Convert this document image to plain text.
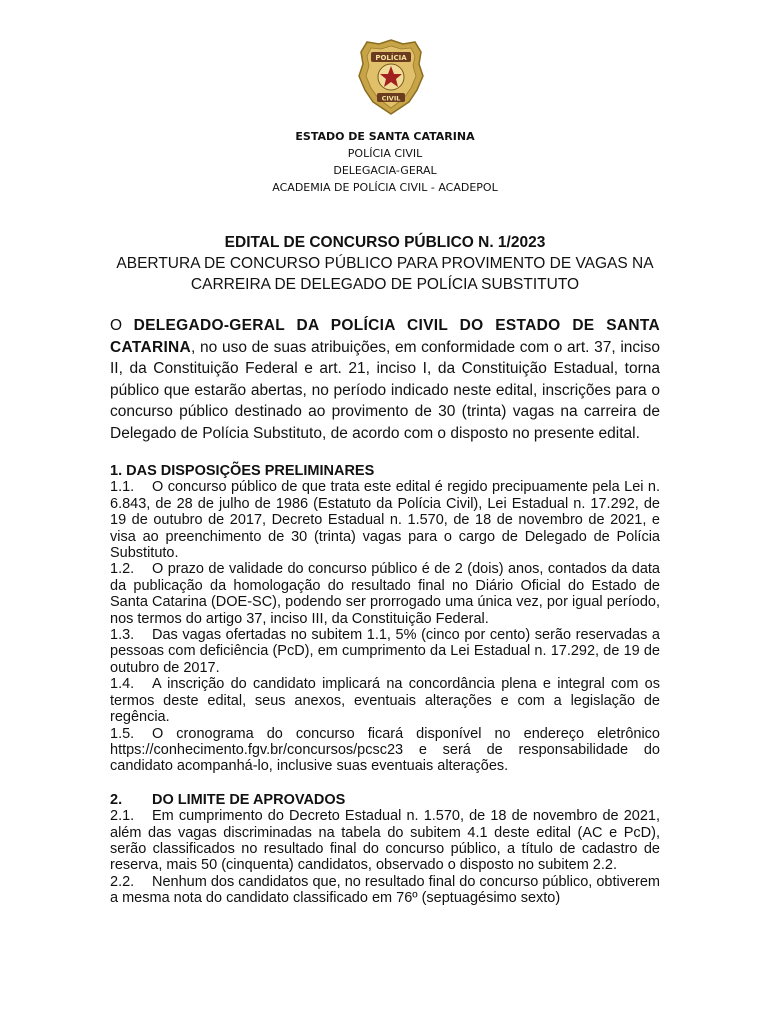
POLÍCIA
CIVIL
ESTADO DE SANTA CATARINA
POLÍCIA CIVIL
DELEGACIA-GERAL
ACADEMIA DE POLÍCIA CIVIL - ACADEPOL
EDITAL DE CONCURSO PÚBLICO N. 1/2023
ABERTURA DE CONCURSO PÚBLICO PARA PROVIMENTO DE VAGAS NA
CARREIRA DE DELEGADO DE POLÍCIA SUBSTITUTO

O DELEGADO-GERAL DA POLÍCIA CIVIL DO ESTADO DE SANTA CATARINA, no uso de suas atribuições, em conformidade com o art. 37, inciso II, da Constituição Federal e art. 21, inciso I, da Constituição Estadual, torna público que estarão abertas, no período indicado neste edital, inscrições para o concurso público destinado ao provimento de 30 (trinta) vagas na carreira de Delegado de Polícia Substituto, de acordo com o disposto no presente edital.

1. DAS DISPOSIÇÕES PRELIMINARES

1.1. O concurso público de que trata este edital é regido precipuamente pela Lei n. 6.843, de 28 de julho de 1986 (Estatuto da Polícia Civil), Lei Estadual n. 17.292, de 19 de outubro de 2017, Decreto Estadual n. 1.570, de 18 de novembro de 2021, e visa ao preenchimento de 30 (trinta) vagas para o cargo de Delegado de Polícia Substituto.

1.2. O prazo de validade do concurso público é de 2 (dois) anos, contados da data da publicação da homologação do resultado final no Diário Oficial do Estado de Santa Catarina (DOE-SC), podendo ser prorrogado uma única vez, por igual período, nos termos do artigo 37, inciso III, da Constituição Federal.

1.3. Das vagas ofertadas no subitem 1.1, 5% (cinco por cento) serão reservadas a pessoas com deficiência (PcD), em cumprimento da Lei Estadual n. 17.292, de 19 de outubro de 2017.

1.4. A inscrição do candidato implicará na concordância plena e integral com os termos deste edital, seus anexos, eventuais alterações e com a legislação de regência.

1.5. O cronograma do concurso ficará disponível no endereço eletrônico https://conhecimento.fgv.br/concursos/pcsc23 e será de responsabilidade do candidato acompanhá-lo, inclusive suas eventuais alterações.

2. DO LIMITE DE APROVADOS

2.1. Em cumprimento do Decreto Estadual n. 1.570, de 18 de novembro de 2021, além das vagas discriminadas na tabela do subitem 4.1 deste edital (AC e PcD), serão classificados no resultado final do concurso público, a título de cadastro de reserva, mais 50 (cinquenta) candidatos, observado o disposto no subitem 2.2.

2.2. Nenhum dos candidatos que, no resultado final do concurso público, obtiverem a mesma nota do candidato classificado em 76º (septuagésimo sexto)
